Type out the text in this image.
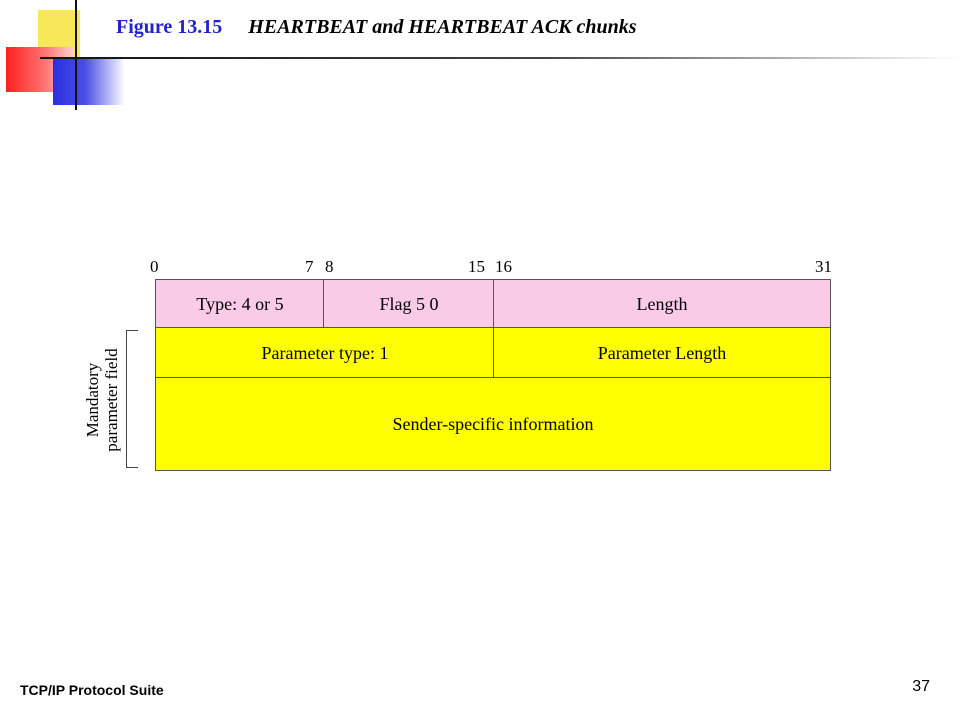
Figure 13.15 HEARTBEAT and HEARTBEAT ACK chunks
0	7 8	15 16	31
Type: 4 or 5	Flag 5 0	Length
Parameter type: 1	Parameter Length
Sender-specific information
Mandatory parameter field
TCP/IP Protocol Suite	37
